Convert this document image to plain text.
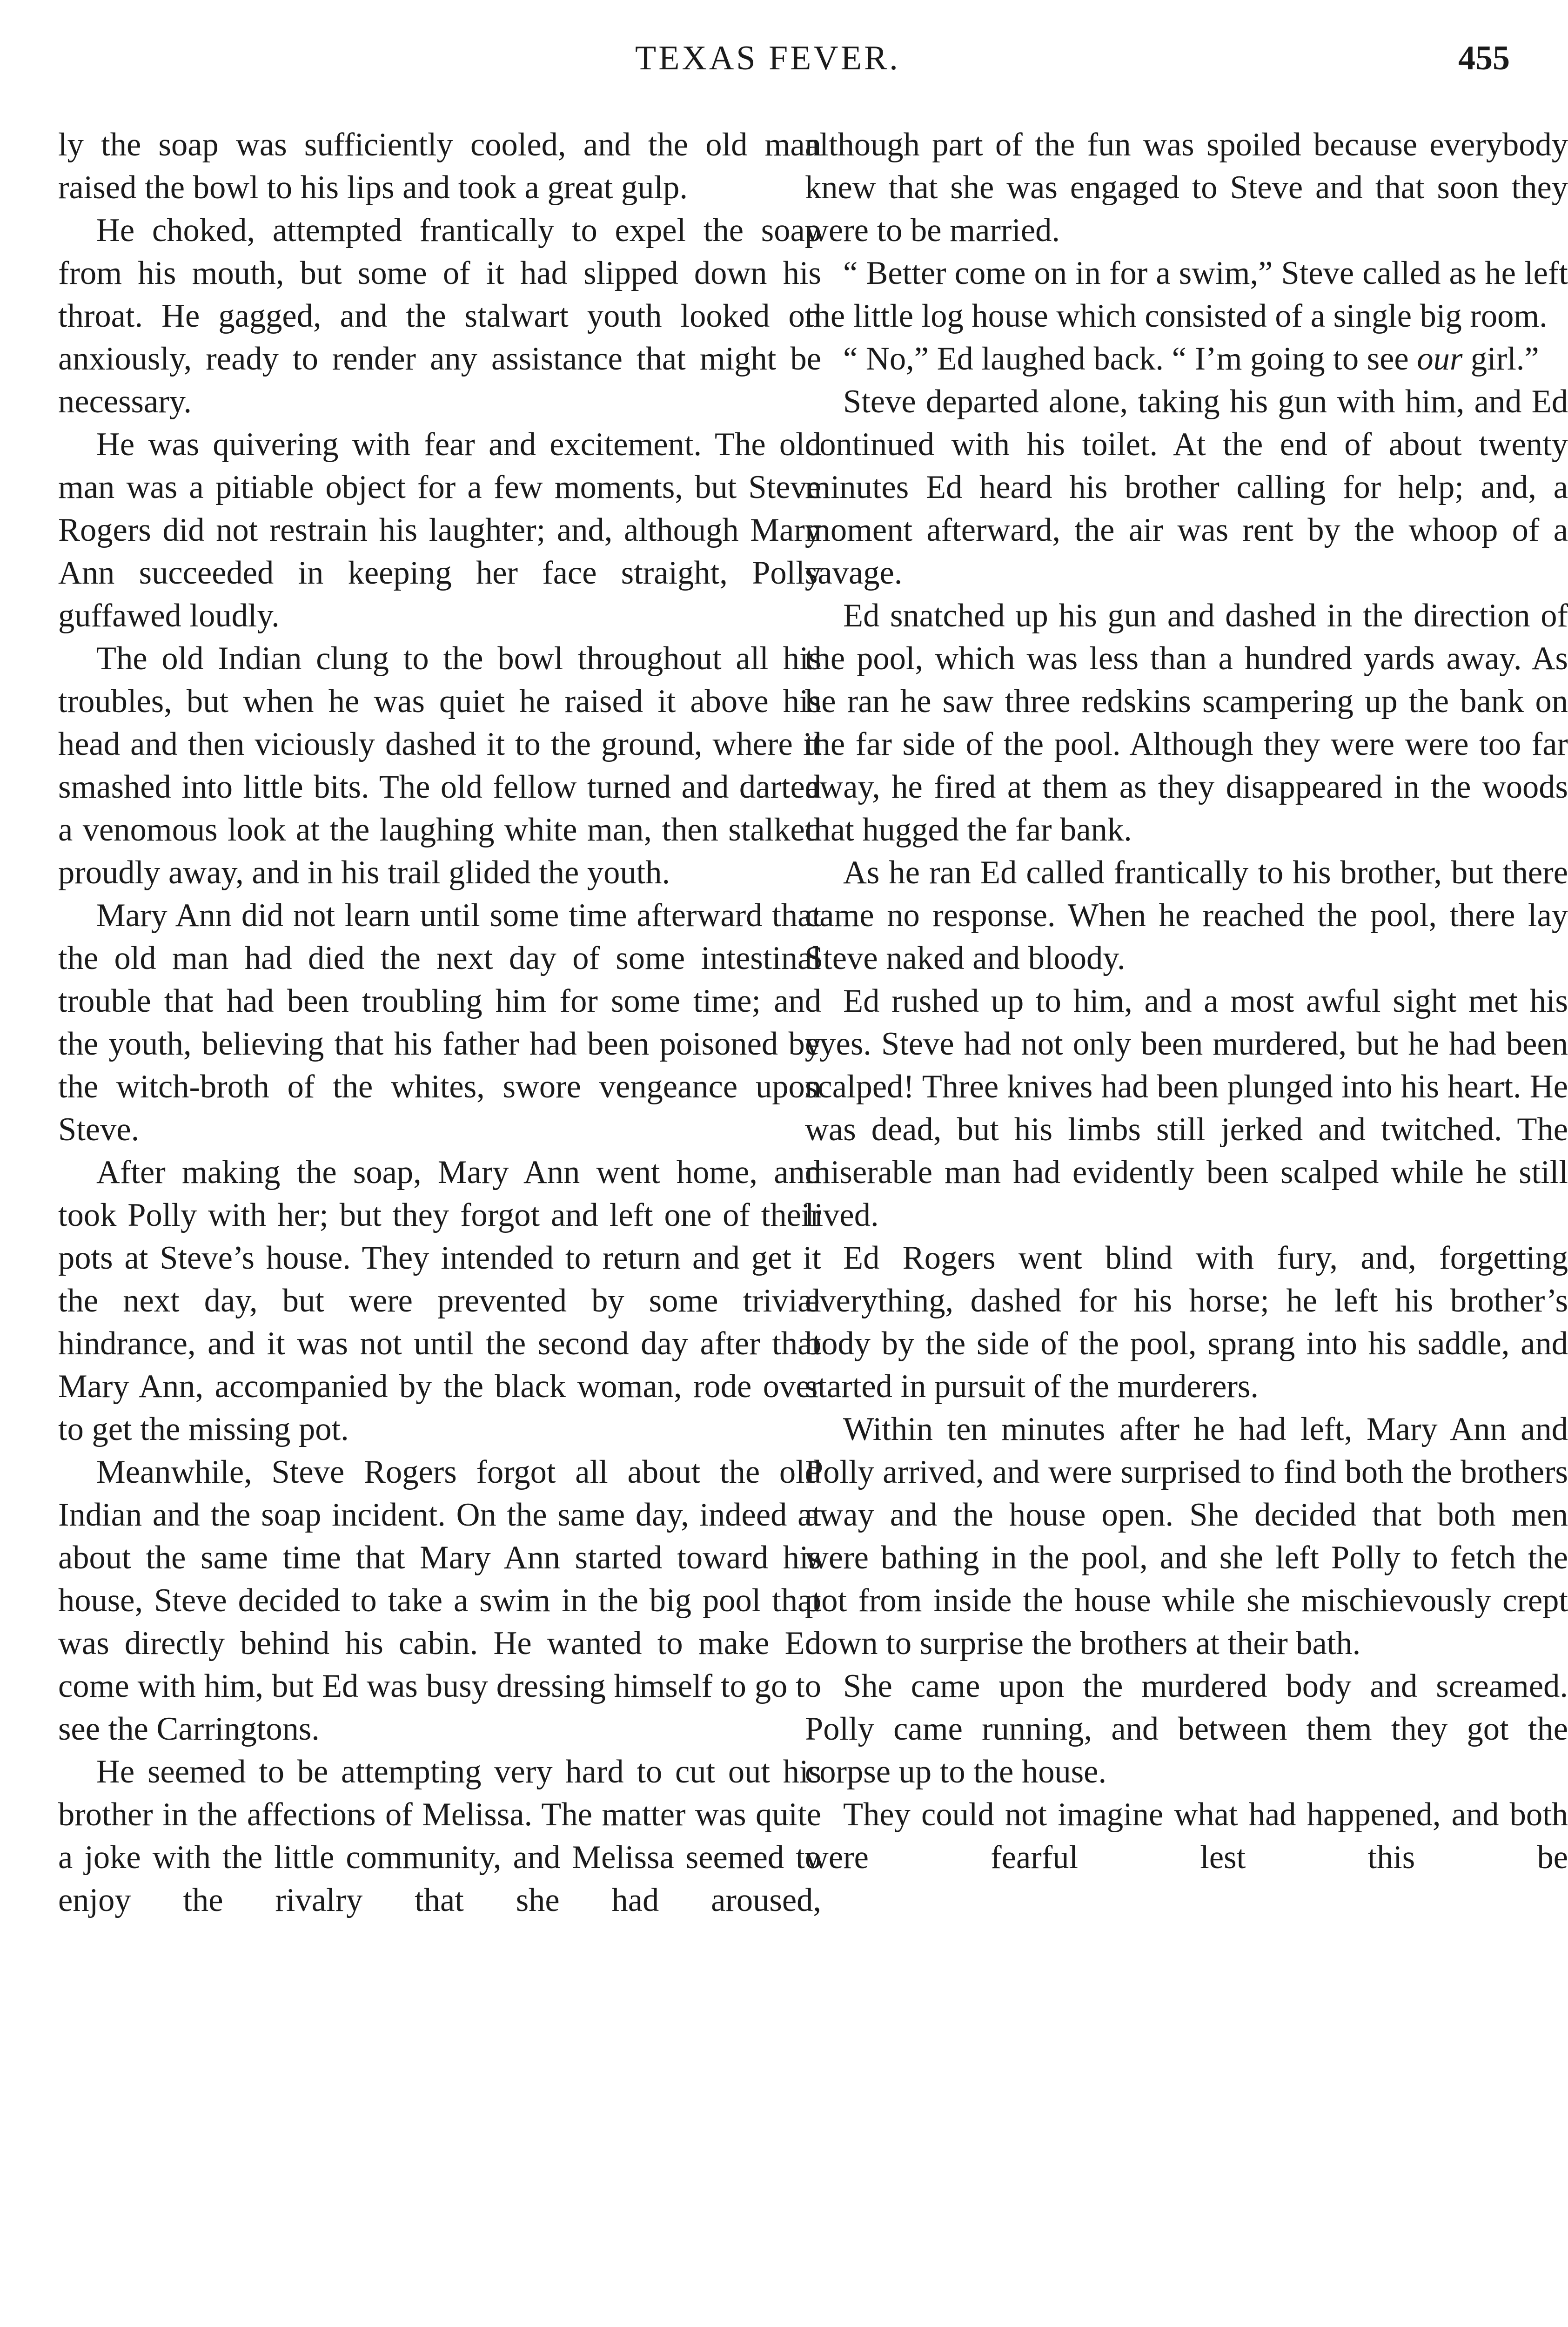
TEXAS FEVER.	455

ly the soap was sufficiently cooled, and the old man raised the bowl to his lips and took a great gulp.

He choked, attempted frantically to expel the soap from his mouth, but some of it had slipped down his throat. He gagged, and the stalwart youth looked on anxiously, ready to render any assistance that might be necessary.

He was quivering with fear and excitement. The old man was a pitiable object for a few moments, but Steve Rogers did not restrain his laughter; and, although Mary Ann succeeded in keeping her face straight, Polly guffawed loudly.

The old Indian clung to the bowl throughout all his troubles, but when he was quiet he raised it above his head and then viciously dashed it to the ground, where it smashed into little bits. The old fellow turned and darted a venomous look at the laughing white man, then stalked proudly away, and in his trail glided the youth.

Mary Ann did not learn until some time afterward that the old man had died the next day of some intestinal trouble that had been troubling him for some time; and the youth, believing that his father had been poisoned by the witch-broth of the whites, swore vengeance upon Steve.

After making the soap, Mary Ann went home, and took Polly with her; but they forgot and left one of their pots at Steve’s house. They intended to return and get it the next day, but were prevented by some trivial hindrance, and it was not until the second day after that Mary Ann, accompanied by the black woman, rode over to get the missing pot.

Meanwhile, Steve Rogers forgot all about the old Indian and the soap incident. On the same day, indeed at about the same time that Mary Ann started toward his house, Steve decided to take a swim in the big pool that was directly behind his cabin. He wanted to make Ed come with him, but Ed was busy dressing himself to go to see the Carringtons.

He seemed to be attempting very hard to cut out his brother in the affections of Melissa. The matter was quite a joke with the little community, and Melissa seemed to enjoy the rivalry that she had aroused,

although part of the fun was spoiled because everybody knew that she was engaged to Steve and that soon they were to be married.

“ Better come on in for a swim,” Steve called as he left the little log house which consisted of a single big room.

“ No,” Ed laughed back. “ I’m going to see our girl.”

Steve departed alone, taking his gun with him, and Ed continued with his toilet. At the end of about twenty minutes Ed heard his brother calling for help; and, a moment afterward, the air was rent by the whoop of a savage.

Ed snatched up his gun and dashed in the direction of the pool, which was less than a hundred yards away. As he ran he saw three redskins scampering up the bank on the far side of the pool. Although they were were too far away, he fired at them as they disappeared in the woods that hugged the far bank.

As he ran Ed called frantically to his brother, but there came no response. When he reached the pool, there lay Steve naked and bloody.

Ed rushed up to him, and a most awful sight met his eyes. Steve had not only been murdered, but he had been scalped! Three knives had been plunged into his heart. He was dead, but his limbs still jerked and twitched. The miserable man had evidently been scalped while he still lived.

Ed Rogers went blind with fury, and, forgetting everything, dashed for his horse; he left his brother’s body by the side of the pool, sprang into his saddle, and started in pursuit of the murderers.

Within ten minutes after he had left, Mary Ann and Polly arrived, and were surprised to find both the brothers away and the house open. She decided that both men were bathing in the pool, and she left Polly to fetch the pot from inside the house while she mischievously crept down to surprise the brothers at their bath.

She came upon the murdered body and screamed. Polly came running, and between them they got the corpse up to the house.

They could not imagine what had happened, and both were fearful lest this be
